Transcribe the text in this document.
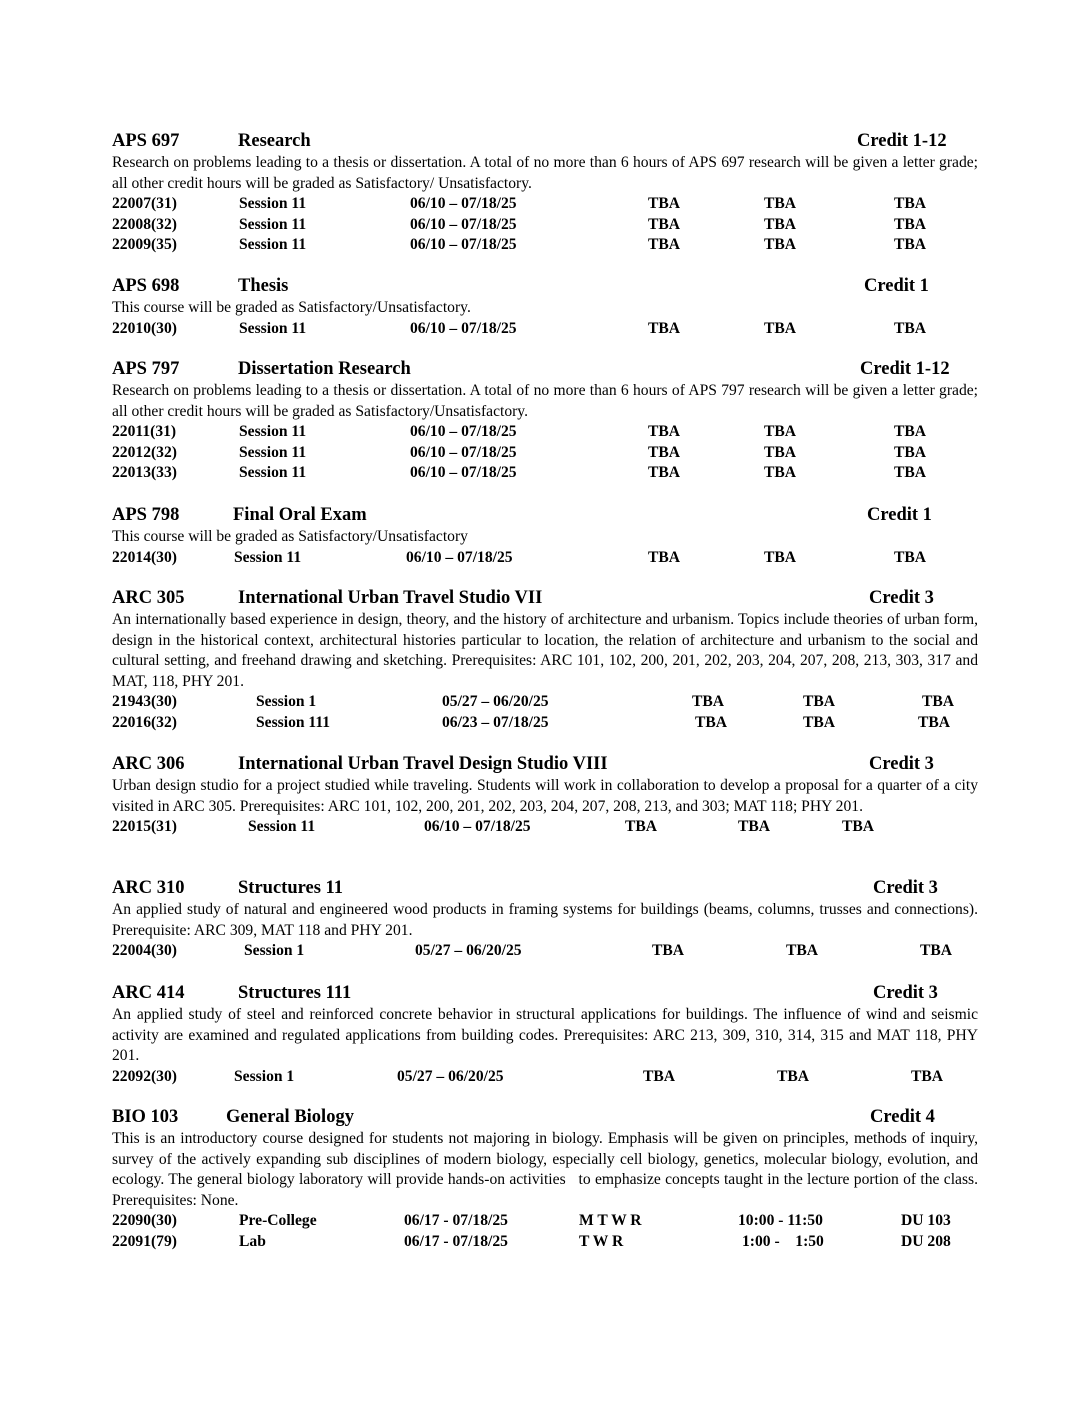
APS 697	Research	Credit 1-12

Research on problems leading to a thesis or dissertation. A total of no more than 6 hours of APS 697 research will be given a letter grade; all other credit hours will be graded as Satisfactory/ Unsatisfactory.

22007(31)	Session 11	06/10 – 07/18/25	TBA	TBA	TBA
22008(32)	Session 11	06/10 – 07/18/25	TBA	TBA	TBA
22009(35)	Session 11	06/10 – 07/18/25	TBA	TBA	TBA
APS 698	Thesis	Credit 1

This course will be graded as Satisfactory/Unsatisfactory.

22010(30)	Session 11	06/10 – 07/18/25	TBA	TBA	TBA
APS 797	Dissertation Research	Credit 1-12

Research on problems leading to a thesis or dissertation. A total of no more than 6 hours of APS 797 research will be given a letter grade; all other credit hours will be graded as Satisfactory/Unsatisfactory.

22011(31)	Session 11	06/10 – 07/18/25	TBA	TBA	TBA
22012(32)	Session 11	06/10 – 07/18/25	TBA	TBA	TBA
22013(33)	Session 11	06/10 – 07/18/25	TBA	TBA	TBA
APS 798	Final Oral Exam	Credit 1

This course will be graded as Satisfactory/Unsatisfactory

22014(30)	Session 11	06/10 – 07/18/25	TBA	TBA	TBA
ARC 305	International Urban Travel Studio VII	Credit 3

An internationally based experience in design, theory, and the history of architecture and urbanism. Topics include theories of urban form, design in the historical context, architectural histories particular to location, the relation of architecture and urbanism to the social and cultural setting, and freehand drawing and sketching. Prerequisites: ARC 101, 102, 200, 201, 202, 203, 204, 207, 208, 213, 303, 317 and MAT, 118, PHY 201.

21943(30)	Session 1	05/27 – 06/20/25	TBA	TBA	TBA
22016(32)	Session 111	06/23 – 07/18/25	TBA	TBA	TBA
ARC 306	International Urban Travel Design Studio VIII	Credit 3

Urban design studio for a project studied while traveling. Students will work in collaboration to develop a proposal for a quarter of a city visited in ARC 305. Prerequisites: ARC 101, 102, 200, 201, 202, 203, 204, 207, 208, 213, and 303; MAT 118; PHY 201.

22015(31)	Session 11	06/10 – 07/18/25	TBA	TBA	TBA
ARC 310	Structures 11	Credit 3

An applied study of natural and engineered wood products in framing systems for buildings (beams, columns, trusses and connections). Prerequisite: ARC 309, MAT 118 and PHY 201.

22004(30)	Session 1	05/27 – 06/20/25	TBA	TBA	TBA
ARC 414	Structures 111	Credit 3

An applied study of steel and reinforced concrete behavior in structural applications for buildings. The influence of wind and seismic activity are examined and regulated applications from building codes. Prerequisites: ARC 213, 309, 310, 314, 315 and MAT 118, PHY 201.

22092(30)	Session 1	05/27 – 06/20/25	TBA	TBA	TBA
BIO 103	General Biology	Credit 4

This is an introductory course designed for students not majoring in biology. Emphasis will be given on principles, methods of inquiry, survey of the actively expanding sub disciplines of modern biology, especially cell biology, genetics, molecular biology, evolution, and ecology. The general biology laboratory will provide hands-on activities   to emphasize concepts taught in the lecture portion of the class. Prerequisites: None.

22090(30)	Pre-College	06/17 - 07/18/25	M T W R	10:00 - 11:50	DU 103
22091(79)	Lab	06/17 - 07/18/25	T W R	1:00 -    1:50	DU 208
